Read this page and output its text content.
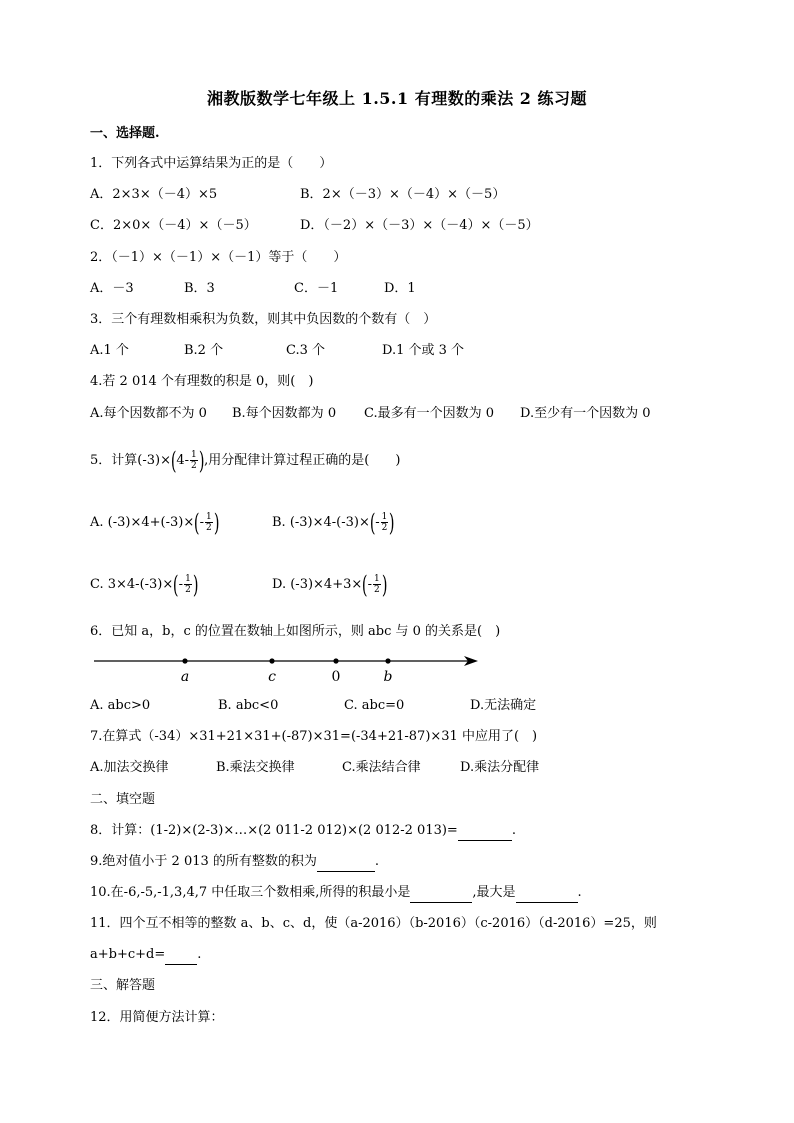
湘教版数学七年级上 1.5.1 有理数的乘法 2 练习题
一、选择题.
1．下列各式中运算结果为正的是（　　）
A．2×3×（－4）×5	B．2×（－3）×（－4）×（－5）
C．2×0×（－4）×（－5）	D．（－2）×（－3）×（－4）×（－5）
2．（－1）×（－1）×（－1）等于（　　）
A．－3	B．3	C．－1	D．1
3．三个有理数相乘积为负数，则其中负因数的个数有（　）
A.1 个	B.2 个	C.3 个	D.1 个或 3 个
4.若 2 014 个有理数的积是 0，则(　)
A.每个因数都不为 0 B.每个因数都为 0 C.最多有一个因数为 0 D.至少有一个因数为 0
5．计算$(-3)\times(4- \frac{1}{2}$ ),用分配律计算过程正确的是(　　)
A. $(-3)\times 4+(-3)\times(- \frac{1}{2}$ )	B. $(-3)\times 4-(-3)\times(- \frac{1}{2}$ )
C. $3\times 4-(-3)\times(- \frac{1}{2}$ )	D. $(-3)\times 4+3\times(- \frac{1}{2}$ )
6．已知 a，b，c 的位置在数轴上如图所示，则 abc 与 0 的关系是(　)
a	c	0	b
A. abc>0	B. abc<0	C. abc=0	D.无法确定
7.在算式（-34）×31+21×31+(-87)×31=(-34+21-87)×31 中应用了(　)
A.加法交换律	B.乘法交换律	C.乘法结合律	D.乘法分配律
二、填空题
8．计算：(1-2)×(2-3)×…×(2 011-2 012)×(2 012-2 013)=	.
9.绝对值小于 2 013 的所有整数的积为	.
10.在-6,-5,-1,3,4,7 中任取三个数相乘,所得的积最小是	,最大是	.
11．四个互不相等的整数 a、b、c、d，使（a-2016）（b-2016）（c-2016）（d-2016）=25，则
a+b+c+d= .
三、解答题
12．用简便方法计算：
